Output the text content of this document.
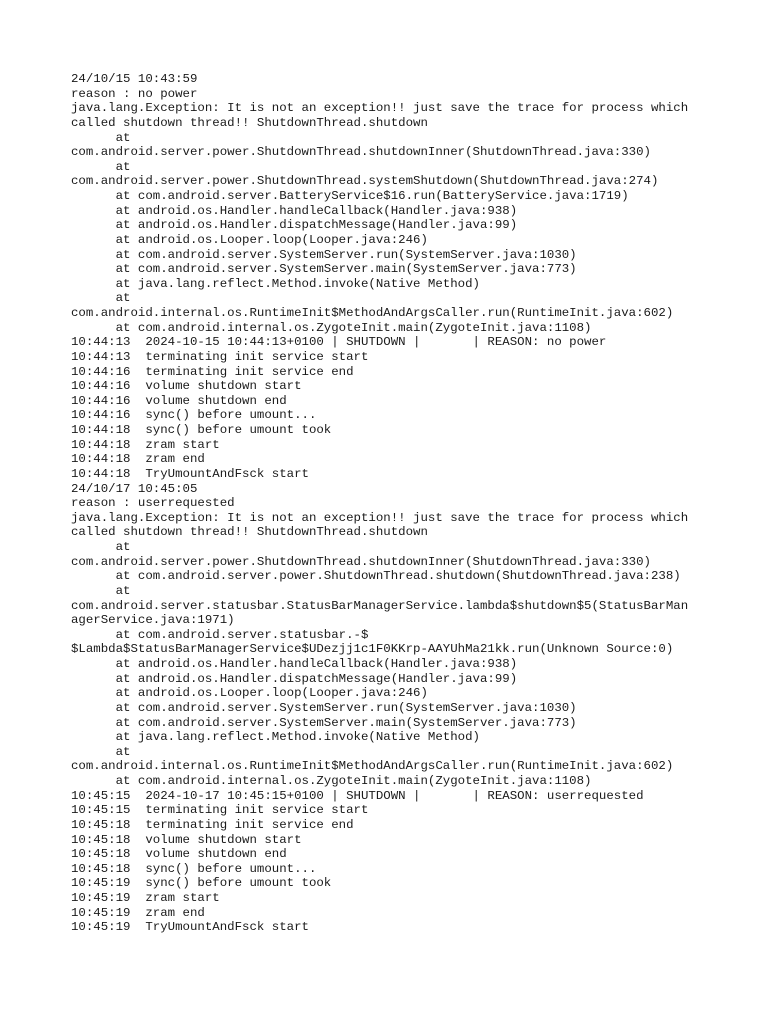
24/10/15 10:43:59
reason : no power
java.lang.Exception: It is not an exception!! just save the trace for process which
called shutdown thread!! ShutdownThread.shutdown
at
com.android.server.power.ShutdownThread.shutdownInner(ShutdownThread.java:330)
at
com.android.server.power.ShutdownThread.systemShutdown(ShutdownThread.java:274)
at com.android.server.BatteryService$16.run(BatteryService.java:1719)
at android.os.Handler.handleCallback(Handler.java:938)
at android.os.Handler.dispatchMessage(Handler.java:99)
at android.os.Looper.loop(Looper.java:246)
at com.android.server.SystemServer.run(SystemServer.java:1030)
at com.android.server.SystemServer.main(SystemServer.java:773)
at java.lang.reflect.Method.invoke(Native Method)
at
com.android.internal.os.RuntimeInit$MethodAndArgsCaller.run(RuntimeInit.java:602)
at com.android.internal.os.ZygoteInit.main(ZygoteInit.java:1108)
10:44:13  2024-10-15 10:44:13+0100 | SHUTDOWN |       | REASON: no power
10:44:13  terminating init service start
10:44:16  terminating init service end
10:44:16  volume shutdown start
10:44:16  volume shutdown end
10:44:16  sync() before umount...
10:44:18  sync() before umount took
10:44:18  zram start
10:44:18  zram end
10:44:18  TryUmountAndFsck start
24/10/17 10:45:05
reason : userrequested
java.lang.Exception: It is not an exception!! just save the trace for process which
called shutdown thread!! ShutdownThread.shutdown
at
com.android.server.power.ShutdownThread.shutdownInner(ShutdownThread.java:330)
at com.android.server.power.ShutdownThread.shutdown(ShutdownThread.java:238)
at
com.android.server.statusbar.StatusBarManagerService.lambda$shutdown$5(StatusBarMan
agerService.java:1971)
at com.android.server.statusbar.-$
$Lambda$StatusBarManagerService$UDezjj1c1F0KKrp-AAYUhMa21kk.run(Unknown Source:0)
at android.os.Handler.handleCallback(Handler.java:938)
at android.os.Handler.dispatchMessage(Handler.java:99)
at android.os.Looper.loop(Looper.java:246)
at com.android.server.SystemServer.run(SystemServer.java:1030)
at com.android.server.SystemServer.main(SystemServer.java:773)
at java.lang.reflect.Method.invoke(Native Method)
at
com.android.internal.os.RuntimeInit$MethodAndArgsCaller.run(RuntimeInit.java:602)
at com.android.internal.os.ZygoteInit.main(ZygoteInit.java:1108)
10:45:15  2024-10-17 10:45:15+0100 | SHUTDOWN |       | REASON: userrequested
10:45:15  terminating init service start
10:45:18  terminating init service end
10:45:18  volume shutdown start
10:45:18  volume shutdown end
10:45:18  sync() before umount...
10:45:19  sync() before umount took
10:45:19  zram start
10:45:19  zram end
10:45:19  TryUmountAndFsck start
